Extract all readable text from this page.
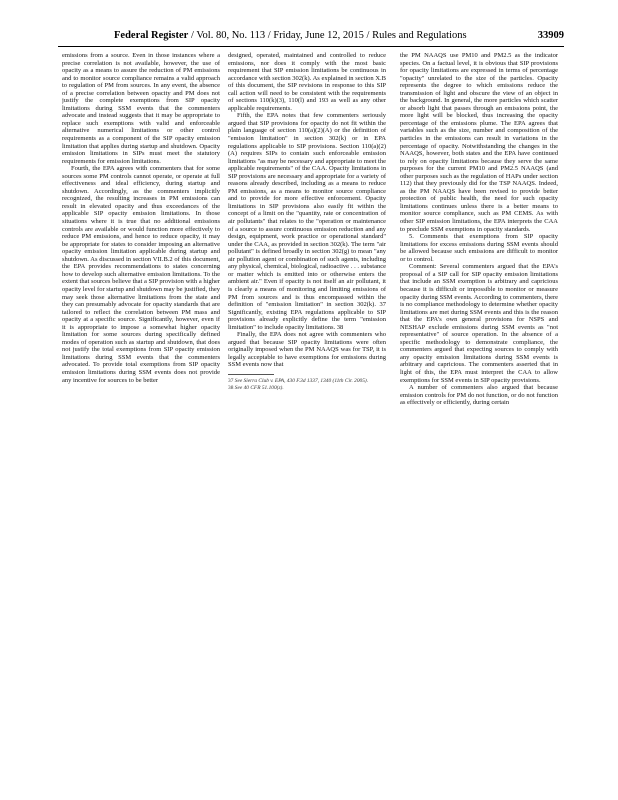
Federal Register / Vol. 80, No. 113 / Friday, June 12, 2015 / Rules and Regulations	33909

emissions from a source. Even in those instances where a precise correlation is not available, however, the use of opacity as a means to assure the reduction of PM emissions and to monitor source compliance remains a valid approach to regulation of PM from sources. In any event, the absence of a precise correlation between opacity and PM does not justify the complete exemptions from SIP opacity limitations during SSM events that the commenters advocate and instead suggests that it may be appropriate to replace such exemptions with valid and enforceable alternative numerical limitations or other control requirements as a component of the SIP opacity emission limitation that applies during startup and shutdown. Opacity emission limitations in SIPs must meet the statutory requirements for emission limitations.

Fourth, the EPA agrees with commenters that for some sources some PM controls cannot operate, or operate at full effectiveness and ideal efficiency, during startup and shutdown. Accordingly, as the commenters implicitly recognized, the resulting increases in PM emissions can result in elevated opacity and thus exceedances of the applicable SIP opacity emission limitations. In those situations where it is true that no additional emissions controls are available or would function more effectively to reduce PM emissions, and hence to reduce opacity, it may be appropriate for states to consider imposing an alternative opacity emission limitation applicable during startup and shutdown. As discussed in section VII.B.2 of this document, the EPA provides recommendations to states concerning how to develop such alternative emission limitations. To the extent that sources believe that a SIP provision with a higher opacity level for startup and shutdown may be justified, they may seek those alternative limitations from the state and they can presumably advocate for opacity standards that are tailored to reflect the correlation between PM mass and opacity at a specific source. Significantly, however, even if it is appropriate to impose a somewhat higher opacity limitation for some sources during specifically defined modes of operation such as startup and shutdown, that does not justify the total exemptions from SIP opacity emission limitations during SSM events that the commenters advocated. To provide total exemptions from SIP opacity emission limitations during SSM events does not provide any incentive for sources to be better

designed, operated, maintained and controlled to reduce emissions, nor does it comply with the most basic requirement that SIP emission limitations be continuous in accordance with section 302(k). As explained in section X.B of this document, the SIP revisions in response to this SIP call action will need to be consistent with the requirements of sections 110(k)(3), 110(l) and 193 as well as any other applicable requirements.

Fifth, the EPA notes that few commenters seriously argued that SIP provisions for opacity do not fit within the plain language of section 110(a)(2)(A) or the definition of "emission limitation" in section 302(k) or in EPA regulations applicable to SIP provisions. Section 110(a)(2)(A) requires SIPs to contain such enforceable emission limitations "as may be necessary and appropriate to meet the applicable requirements" of the CAA. Opacity limitations in SIP provisions are necessary and appropriate for a variety of reasons already described, including as a means to reduce PM emissions, as a means to monitor source compliance and to provide for more effective enforcement. Opacity limitations in SIP provisions also easily fit within the concept of a limit on the "quantity, rate or concentration of air pollutants" that relates to the "operation or maintenance of a source to assure continuous emission reduction and any design, equipment, work practice or operational standard" under the CAA, as provided in section 302(k). The term "air pollutant" is defined broadly in section 302(g) to mean "any air pollution agent or combination of such agents, including any physical, chemical, biological, radioactive . . . substance or matter which is emitted into or otherwise enters the ambient air." Even if opacity is not itself an air pollutant, it is clearly a means of monitoring and limiting emissions of PM from sources and is thus encompassed within the definition of "emission limitation" in section 302(k). 37 Significantly, existing EPA regulations applicable to SIP provisions already explicitly define the term "emission limitation" to include opacity limitations. 38

Finally, the EPA does not agree with commenters who argued that because SIP opacity limitations were often originally imposed when the PM NAAQS was for TSP, it is legally acceptable to have exemptions for emissions during SSM events now that

37 See Sierra Club v. EPA, 430 F.3d 1337, 1340 (11th Cir. 2005).
38 See 40 CFR 51.100(z).

the PM NAAQS use PM10 and PM2.5 as the indicator species. On a factual level, it is obvious that SIP provisions for opacity limitations are expressed in terms of percentage "opacity" unrelated to the size of the particles. Opacity represents the degree to which emissions reduce the transmission of light and obscure the view of an object in the background. In general, the more particles which scatter or absorb light that passes through an emissions point, the more light will be blocked, thus increasing the opacity percentage of the emissions plume. The EPA agrees that variables such as the size, number and composition of the particles in the emissions can result in variations in the percentage of opacity. Notwithstanding the changes in the NAAQS, however, both states and the EPA have continued to rely on opacity limitations because they serve the same purposes for the current PM10 and PM2.5 NAAQS (and other purposes such as the regulation of HAPs under section 112) that they previously did for the TSP NAAQS. Indeed, as the PM NAAQS have been revised to provide better protection of public health, the need for such opacity limitations continues unless there is a better means to monitor source compliance, such as PM CEMS. As with other SIP emission limitations, the EPA interprets the CAA to preclude SSM exemptions in opacity standards.

5. Comments that exemptions from SIP opacity limitations for excess emissions during SSM events should be allowed because such emissions are difficult to monitor or to control.

Comment: Several commenters argued that the EPA's proposal of a SIP call for SIP opacity emission limitations that include an SSM exemption is arbitrary and capricious because it is difficult or impossible to monitor or measure opacity during SSM events. According to commenters, there is no compliance methodology to determine whether opacity limitations are met during SSM events and this is the reason that the EPA's own general provisions for NSPS and NESHAP exclude emissions during SSM events as "not representative" of source operation. In the absence of a specific methodology to demonstrate compliance, the commenters argued that expecting sources to comply with any opacity emission limitations during SSM events is arbitrary and capricious. The commenters asserted that in light of this, the EPA must interpret the CAA to allow exemptions for SSM events in SIP opacity provisions.

A number of commenters also argued that because emission controls for PM do not function, or do not function as effectively or efficiently, during certain
